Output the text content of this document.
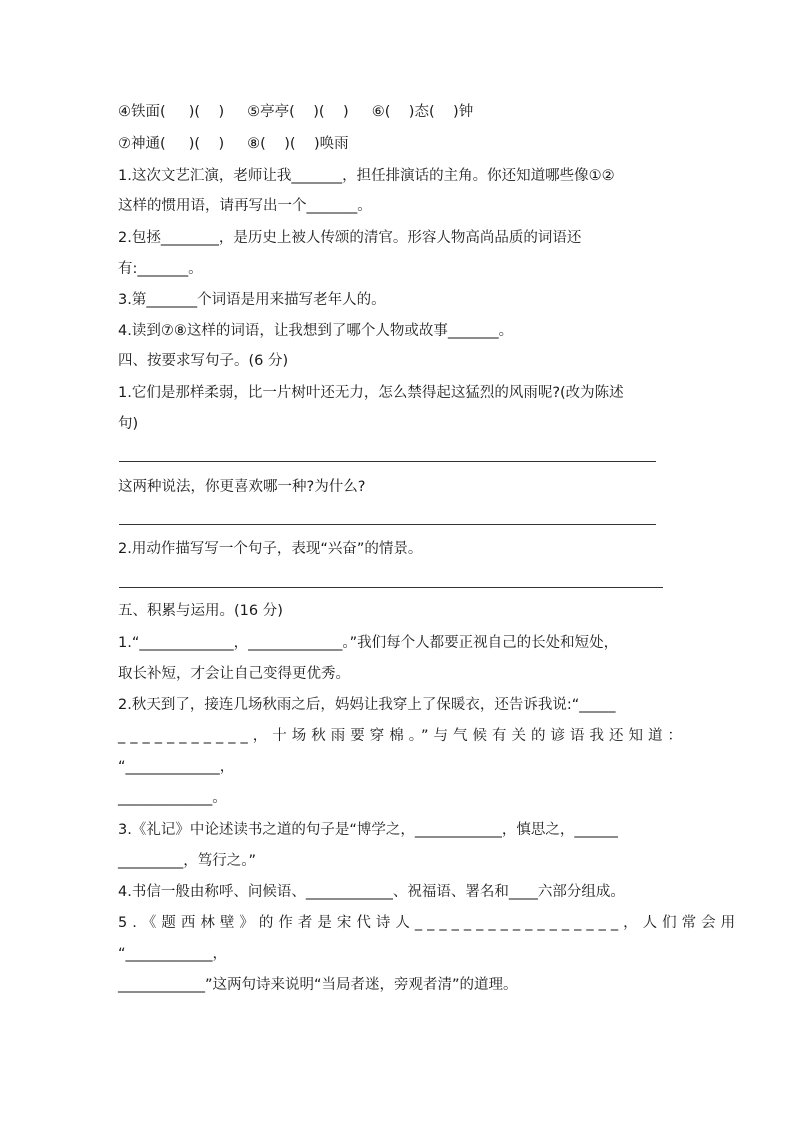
④铁面(     )(    )     ⑤亭亭(    )(    )     ⑥(    )态(    )钟
⑦神通(     )(    )     ⑧(    )(    )唤雨
1.这次文艺汇演，老师让我_______，担任排演话的主角。你还知道哪些像①②
这样的惯用语，请再写出一个_______。
2.包拯________，是历史上被人传颂的清官。形容人物高尚品质的词语还
有:_______。
3.第_______个词语是用来描写老年人的。
4.读到⑦⑧这样的词语，让我想到了哪个人物或故事_______。
四、按要求写句子。(6 分)
1.它们是那样柔弱，比一片树叶还无力，怎么禁得起这猛烈的风雨呢?(改为陈述
句)
这两种说法，你更喜欢哪一种?为什么?
2.用动作描写写一个句子，表现“兴奋”的情景。
五、积累与运用。(16 分)
1.“_____________，_____________。”我们每个人都要正视自己的长处和短处，
取长补短，才会让自己变得更优秀。
2.秋天到了，接连几场秋雨之后，妈妈让我穿上了保暖衣，还告诉我说:“_____
___________，十场秋雨要穿棉。”与气候有关的谚语我还知道：
“_____________，
_____________。
3.《礼记》中论述读书之道的句子是“博学之，____________，慎思之，______
_________，笃行之。”
4.书信一般由称呼、问候语、____________、祝福语、署名和____六部分组成。
5.《题西林壁》的作者是宋代诗人_________________，人们常会用
“____________，
____________”这两句诗来说明“当局者迷，旁观者清”的道理。
